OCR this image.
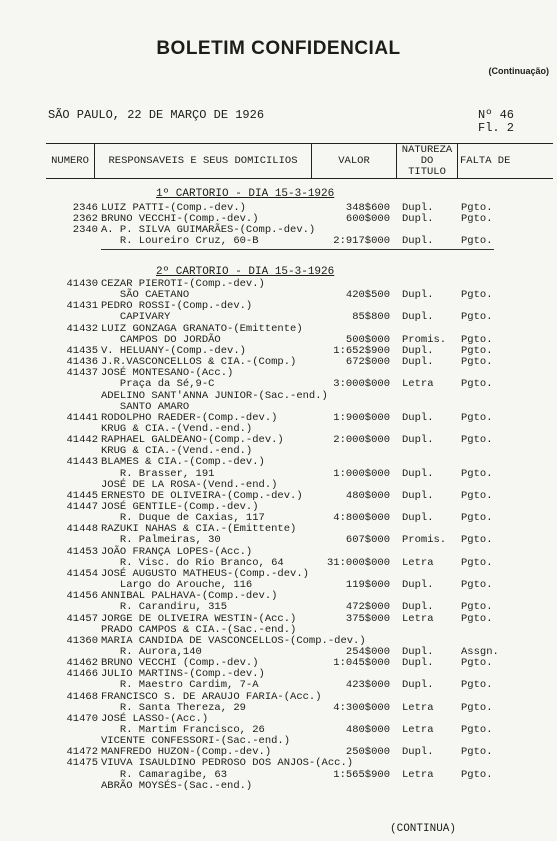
BOLETIM CONFIDENCIAL
(Continuação)
SÃO PAULO, 22 DE MARÇO DE 1926	Nº 46
Fl. 2
NUMERO	RESPONSAVEIS E SEUS DOMICILIOS	VALOR
NATUREZA
DO
TITULO
FALTA DE
1º CARTORIO - DIA 15-3-1926
2346 LUIZ PATTI-(Comp.-dev.)	348$600 Dupl.	Pgto.
2362 BRUNO VECCHI-(Comp.-dev.)	600$000 Dupl.	Pgto.
2340 A. P. SILVA GUIMARÃES-(Comp.-dev.)
R. Loureiro Cruz, 60-B	2:917$000 Dupl.	Pgto.
2º CARTORIO - DIA 15-3-1926
41430 CEZAR PIEROTI-(Comp.-dev.)
SÃO CAETANO	420$500 Dupl.	Pgto.
41431 PEDRO ROSSI-(Comp.-dev.)
CAPIVARY	85$800 Dupl.	Pgto.
41432 LUIZ GONZAGA GRANATO-(Emittente)
CAMPOS DO JORDÃO	500$000 Promis. Pgto.
41435 V. HELUANY-(Comp.-dev.)	1:652$900 Dupl.	Pgto.
41436 J.R.VASCONCELLOS & CIA.-(Comp.)	672$000 Dupl.	Pgto.
41437 JOSÉ MONTESANO-(Acc.)
Praça da Sé,9-C	3:000$000 Letra	Pgto.
ADELINO SANT'ANNA JUNIOR-(Sac.-end.)
SANTO AMARO
41441 RODOLPHO RAEDER-(Comp.-dev.)	1:900$000 Dupl.	Pgto.
KRUG & CIA.-(Vend.-end.)
41442 RAPHAEL GALDEANO-(Comp.-dev.)	2:000$000 Dupl.	Pgto.
KRUG & CIA.-(Vend.-end.)
41443 BLAMES & CIA.-(Comp.-dev.)
R. Brasser, 191	1:000$000 Dupl.	Pgto.
JOSÉ DE LA ROSA-(Vend.-end.)
41445 ERNESTO DE OLIVEIRA-(Comp.-dev.)	480$000 Dupl.	Pgto.
41447 JOSÉ GENTILE-(Comp.-dev.)
R. Duque de Caxias, 117	4:800$000 Dupl.	Pgto.
41448 RAZUKI NAHAS & CIA.-(Emittente)
R. Palmeiras, 30	607$000 Promis. Pgto.
41453 JOÃO FRANÇA LOPES-(Acc.)
R. Visc. do Rio Branco, 64	31:000$000 Letra	Pgto.
41454 JOSÉ AUGUSTO MATHEUS-(Comp.-dev.)
Largo do Arouche, 116	119$000 Dupl.	Pgto.
41456 ANNIBAL PALHAVA-(Comp.-dev.)
R. Carandiru, 315	472$000 Dupl.	Pgto.
41457 JORGE DE OLIVEIRA WESTIN-(Acc.)	375$000 Letra	Pgto.
PRADO CAMPOS & CIA.-(Sac.-end.)
41360 MARIA CANDIDA DE VASCONCELLOS-(Comp.-dev.)
R. Aurora,140	254$000 Dupl.	Assgn.
41462 BRUNO VECCHI (Comp.-dev.)	1:045$000 Dupl.	Pgto.
41466 JULIO MARTINS-(Comp.-dev.)
R. Maestro Cardim, 7-A	423$000 Dupl.	Pgto.
41468 FRANCISCO S. DE ARAUJO FARIA-(Acc.)
R. Santa Thereza, 29	4:300$000 Letra	Pgto.
41470 JOSÉ LASSO-(Acc.)
R. Martim Francisco, 26	480$000 Letra	Pgto.
VICENTE CONFESSORI-(Sac.-end.)
41472 MANFREDO HUZON-(Comp.-dev.)	250$000 Dupl.	Pgto.
41475 VIUVA ISAULDINO PEDROSO DOS ANJOS-(Acc.)
R. Camaragibe, 63	1:565$900 Letra	Pgto.
ABRÃO MOYSÉS-(Sac.-end.)
(CONTINUA)
